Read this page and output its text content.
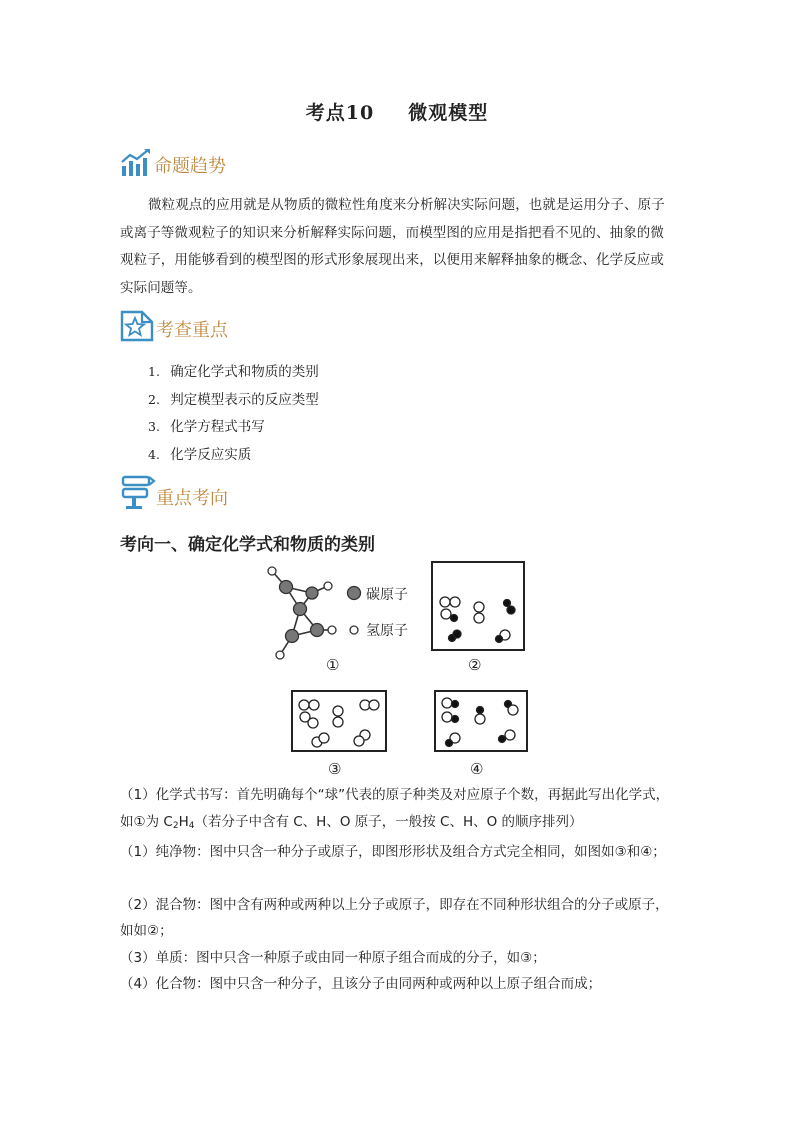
考点10 微观模型
命题趋势
微粒观点的应用就是从物质的微粒性角度来分析解决实际问题，也就是运用分子、原子或离子等微观粒子的知识来分析解释实际问题，而模型图的应用是指把看不见的、抽象的微观粒子，用能够看到的模型图的形式形象展现出来，以便用来解释抽象的概念、化学反应或实际问题等。
考查重点
1. 确定化学式和物质的类别
2. 判定模型表示的反应类型
3. 化学方程式书写
4. 化学反应实质
重点考向
考向一、确定化学式和物质的类别
碳原子
氢原子
①	②
③	④

（1）化学式书写：首先明确每个“球”代表的原子种类及对应原子个数，再据此写出化学式，

如①为 $C_2H_4$（若分子中含有 C、H、O 原子，一般按 C、H、O 的顺序排列）

（1）纯净物：图中只含一种分子或原子，即图形形状及组合方式完全相同，如图如③和④；

（2）混合物：图中含有两种或两种以上分子或原子，即存在不同种形状组合的分子或原子，

如如②；

（3）单质：图中只含一种原子或由同一种原子组合而成的分子，如③；

（4）化合物：图中只含一种分子，且该分子由同两种或两种以上原子组合而成；
